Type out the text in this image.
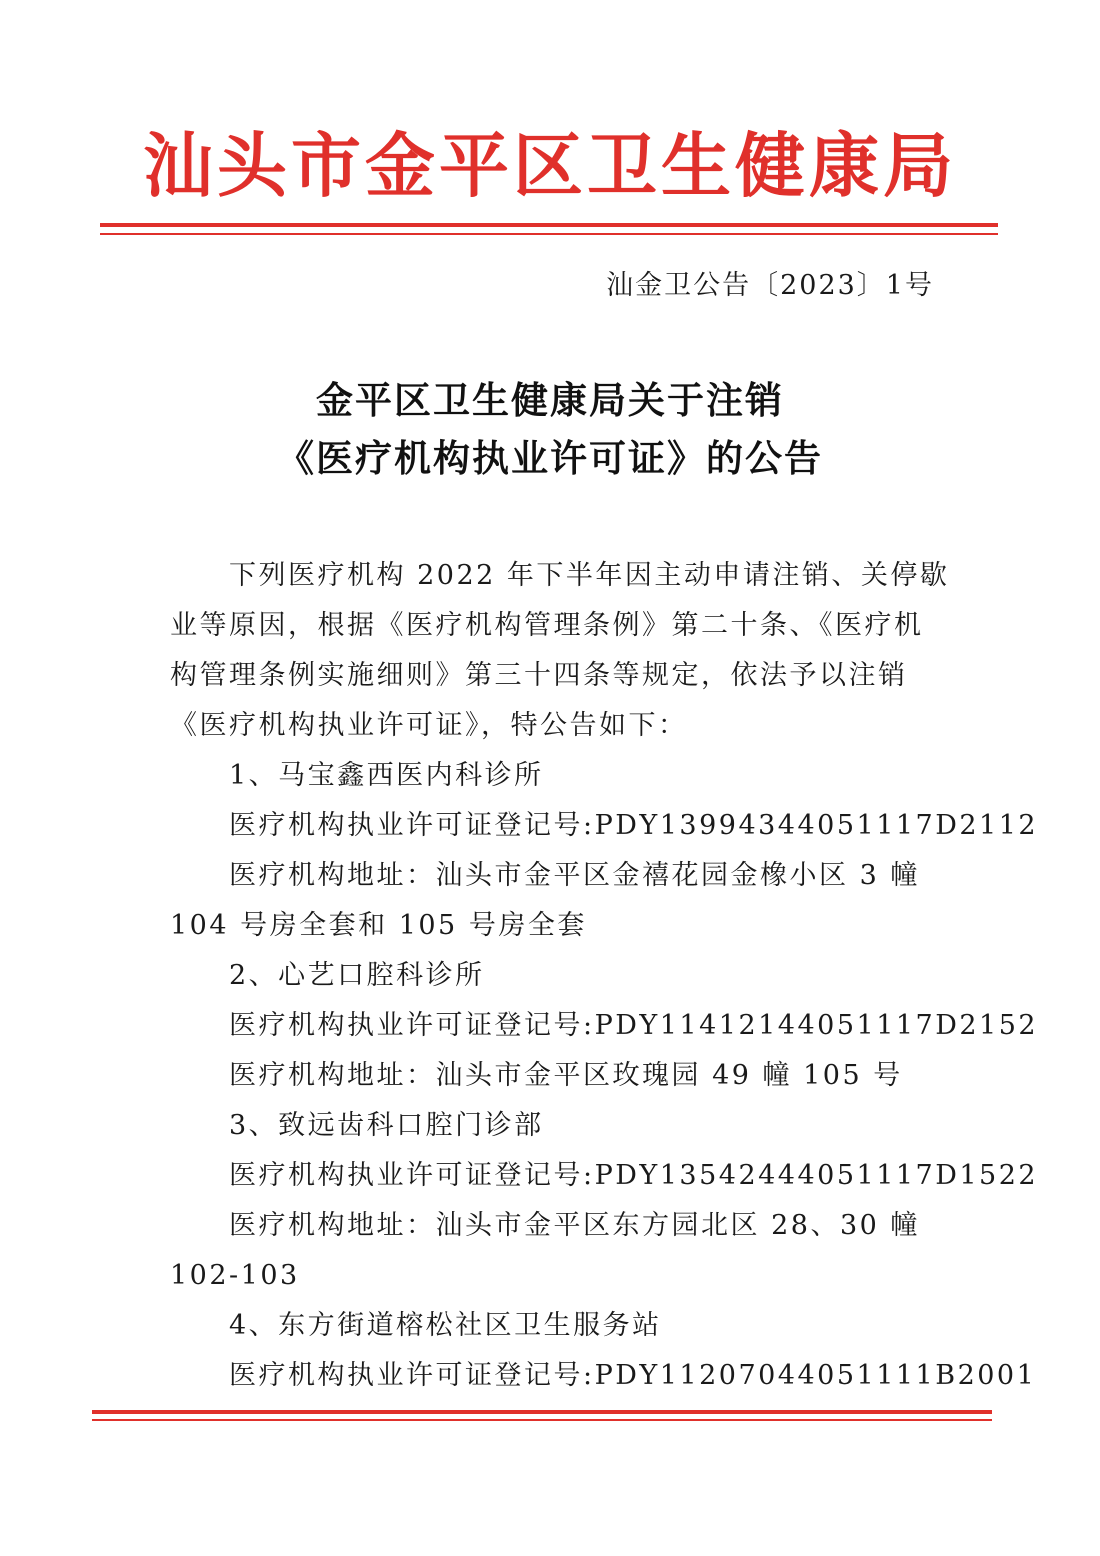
汕头市金平区卫生健康局
汕金卫公告〔2023〕1号
金平区卫生健康局关于注销
《医疗机构执业许可证》的公告
下列医疗机构 2022 年下半年因主动申请注销、关停歇
业等原因，根据《医疗机构管理条例》第二十条、《医疗机
构管理条例实施细则》第三十四条等规定，依法予以注销
《医疗机构执业许可证》，特公告如下：
1、马宝鑫西医内科诊所
医疗机构执业许可证登记号:PDY13994344051117D2112
医疗机构地址：汕头市金平区金禧花园金橡小区 3 幢
104 号房全套和 105 号房全套
2、心艺口腔科诊所
医疗机构执业许可证登记号:PDY11412144051117D2152
医疗机构地址：汕头市金平区玫瑰园 49 幢 105 号
3、致远齿科口腔门诊部
医疗机构执业许可证登记号:PDY13542444051117D1522
医疗机构地址：汕头市金平区东方园北区 28、30 幢
102-103
4、东方街道榕松社区卫生服务站
医疗机构执业许可证登记号:PDY11207044051111B2001
